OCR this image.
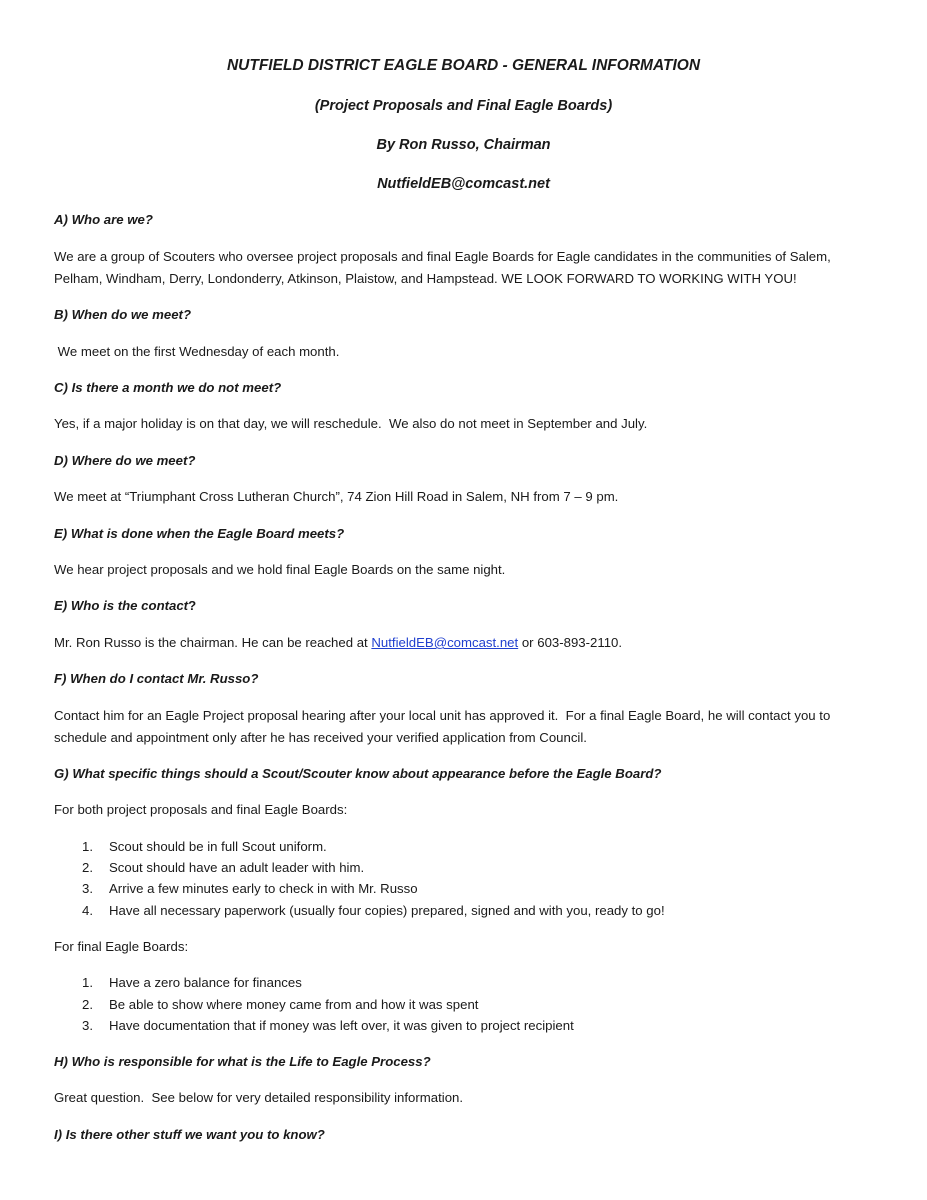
NUTFIELD DISTRICT EAGLE BOARD - GENERAL INFORMATION
(Project Proposals and Final Eagle Boards)
By Ron Russo, Chairman
NutfieldEB@comcast.net
A) Who are we?
We are a group of Scouters who oversee project proposals and final Eagle Boards for Eagle candidates in the communities of Salem,
Pelham, Windham, Derry, Londonderry, Atkinson, Plaistow, and Hampstead. WE LOOK FORWARD TO WORKING WITH YOU!
B) When do we meet?
We meet on the first Wednesday of each month.
C) Is there a month we do not meet?
Yes, if a major holiday is on that day, we will reschedule.  We also do not meet in September and July.
D) Where do we meet?
We meet at “Triumphant Cross Lutheran Church”, 74 Zion Hill Road in Salem, NH from 7 – 9 pm.
E) What is done when the Eagle Board meets?
We hear project proposals and we hold final Eagle Boards on the same night.
E) Who is the contact?
Mr. Ron Russo is the chairman. He can be reached at NutfieldEB@comcast.net or 603-893-2110.
F) When do I contact Mr. Russo?
Contact him for an Eagle Project proposal hearing after your local unit has approved it.  For a final Eagle Board, he will contact you to
schedule and appointment only after he has received your verified application from Council.
G) What specific things should a Scout/Scouter know about appearance before the Eagle Board?
For both project proposals and final Eagle Boards:
1. Scout should be in full Scout uniform.
2. Scout should have an adult leader with him.
3. Arrive a few minutes early to check in with Mr. Russo
4. Have all necessary paperwork (usually four copies) prepared, signed and with you, ready to go!
For final Eagle Boards:
1. Have a zero balance for finances
2. Be able to show where money came from and how it was spent
3. Have documentation that if money was left over, it was given to project recipient
H) Who is responsible for what is the Life to Eagle Process?
Great question.  See below for very detailed responsibility information.
I) Is there other stuff we want you to know?
